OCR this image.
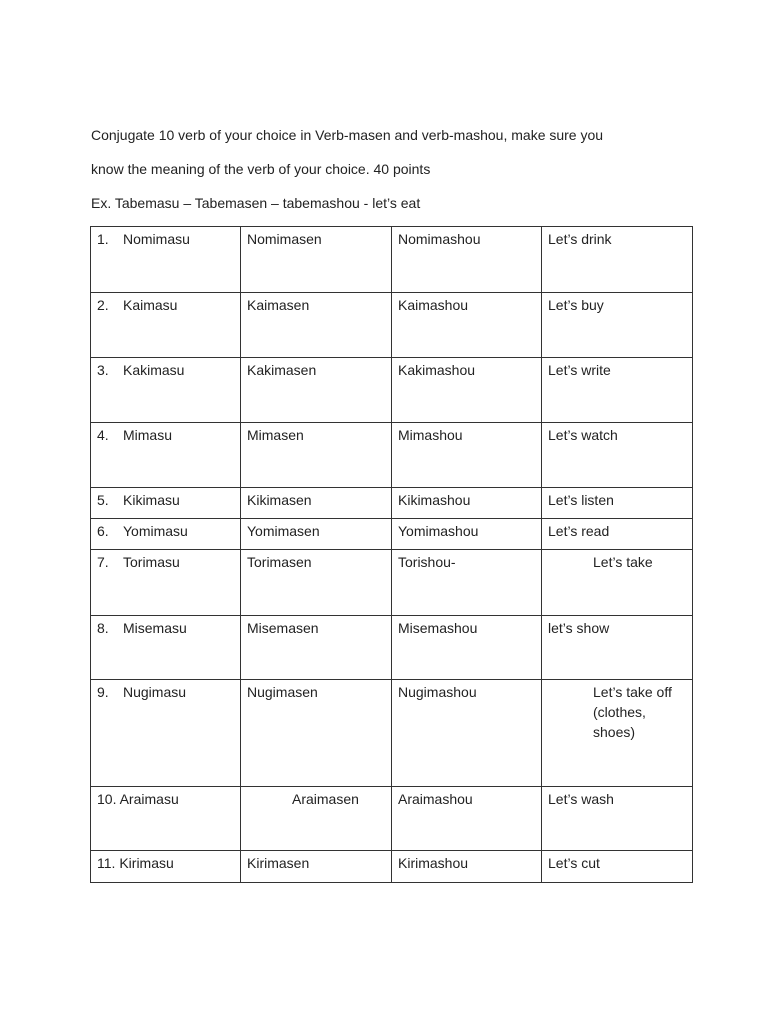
Conjugate 10 verb of your choice in Verb-masen and verb-mashou, make sure you
know the meaning of the verb of your choice. 40 points
Ex. Tabemasu – Tabemasen – tabemashou - let’s eat
1. Nomimasu	Nomimasen	Nomimashou	Let’s drink
2. Kaimasu	Kaimasen	Kaimashou	Let’s buy
3. Kakimasu	Kakimasen	Kakimashou	Let’s write
4. Mimasu	Mimasen	Mimashou	Let’s watch
5. Kikimasu	Kikimasen	Kikimashou	Let’s listen
6. Yomimasu	Yomimasen	Yomimashou	Let’s read
7. Torimasu	Torimasen	Torishou-	Let’s take

8. Misemasu	Misemasen	Misemashou	let’s show
9. Nugimasu	Nugimasen	Nugimashou	Let’s take off (clothes, shoes)

10. Araimasu	Araimasen	Araimashou	Let’s wash
11. Kirimasu	Kirimasen	Kirimashou	Let’s cut
